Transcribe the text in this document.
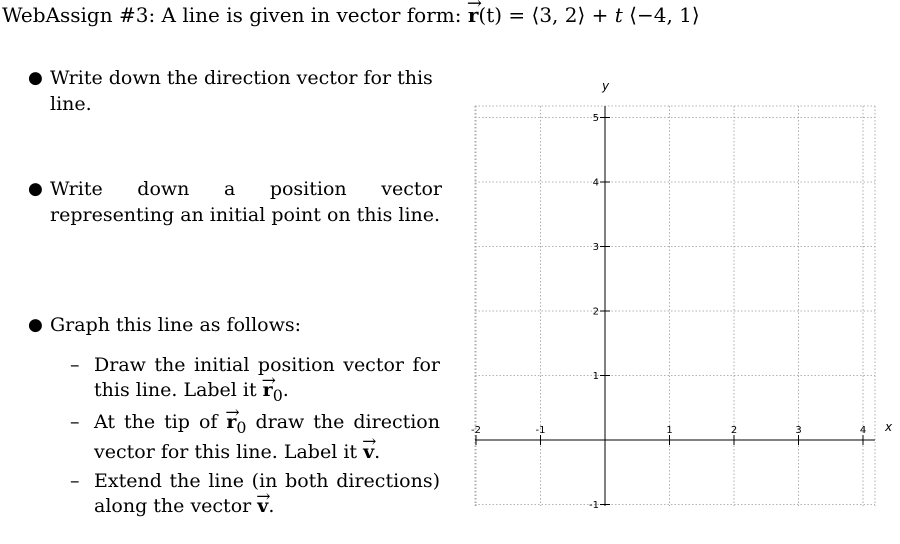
WebAssign #3: A line is given in vector form: → r(t) = ⟨3, 2⟩ + t ⟨−4, 1⟩
● Write down the direction vector for this line.
● Write down a position vector representing an initial point on this line.
● Graph this line as follows:
– Draw the initial position vector for this line. Label it → $r_0$.
– At the tip of → $r_0$ draw the direction vector for this line. Label it → v.
– Extend the line (in both directions) along the vector → v.
-2	-1	1	2	3	4
-1
1
2
3
4
5
x
y
